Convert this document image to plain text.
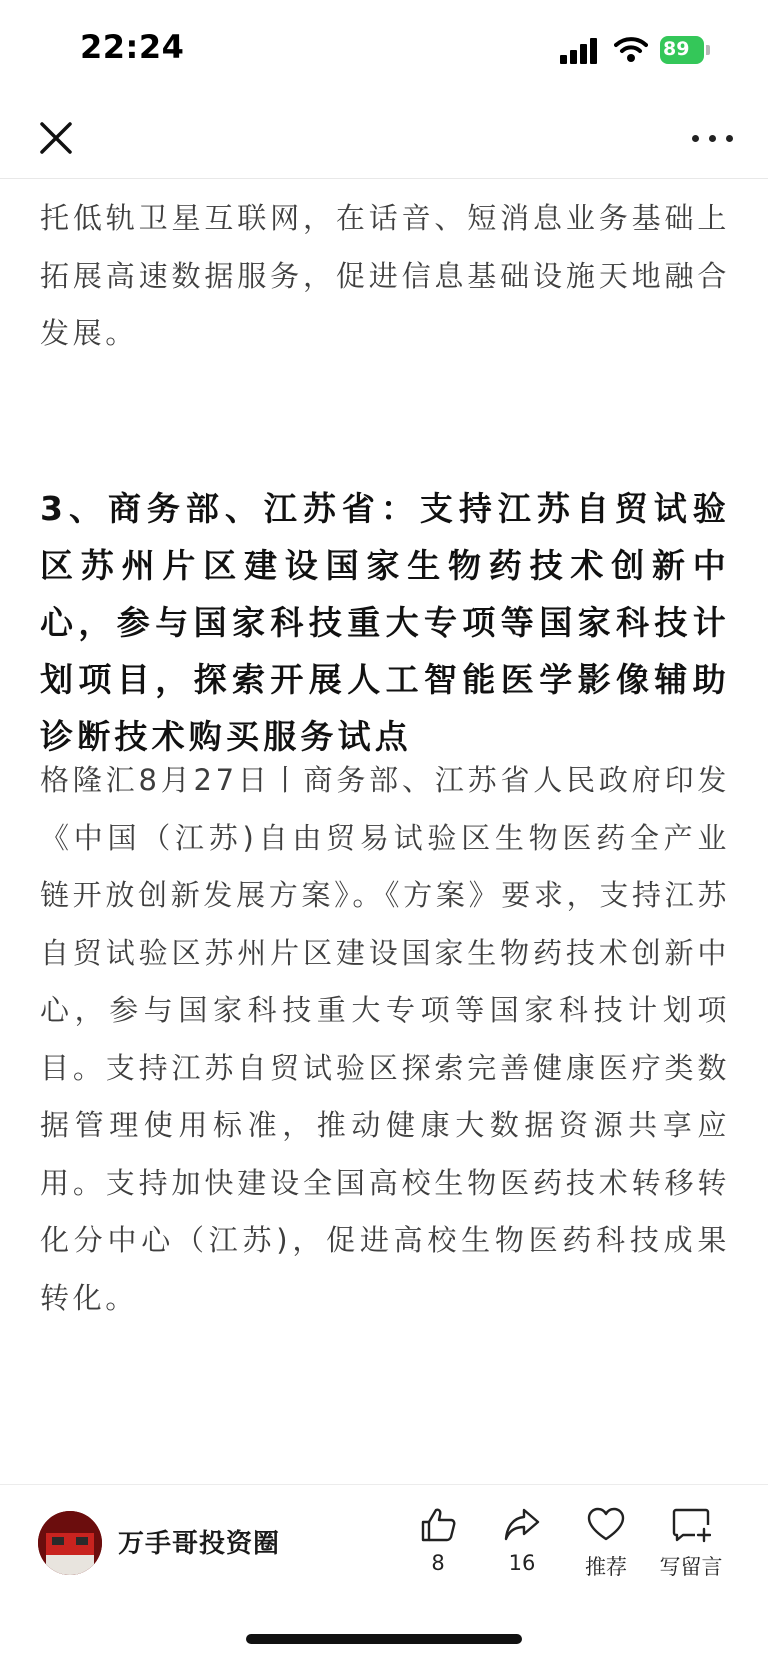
22:24	89

托低轨卫星互联网，在话音、短消息业务基础上拓展高速数据服务，促进信息基础设施天地融合发展。

3、商务部、江苏省：支持江苏自贸试验区苏州片区建设国家生物药技术创新中心，参与国家科技重大专项等国家科技计划项目，探索开展人工智能医学影像辅助诊断技术购买服务试点

格隆汇8月27日丨商务部、江苏省人民政府印发《中国（江苏)自由贸易试验区生物医药全产业链开放创新发展方案》。《方案》要求，支持江苏自贸试验区苏州片区建设国家生物药技术创新中心，参与国家科技重大专项等国家科技计划项目。支持江苏自贸试验区探索完善健康医疗类数据管理使用标准，推动健康大数据资源共享应用。支持加快建设全国高校生物医药技术转移转化分中心（江苏)，促进高校生物医药科技成果转化。

万手哥投资圈
8	16	推荐	写留言
